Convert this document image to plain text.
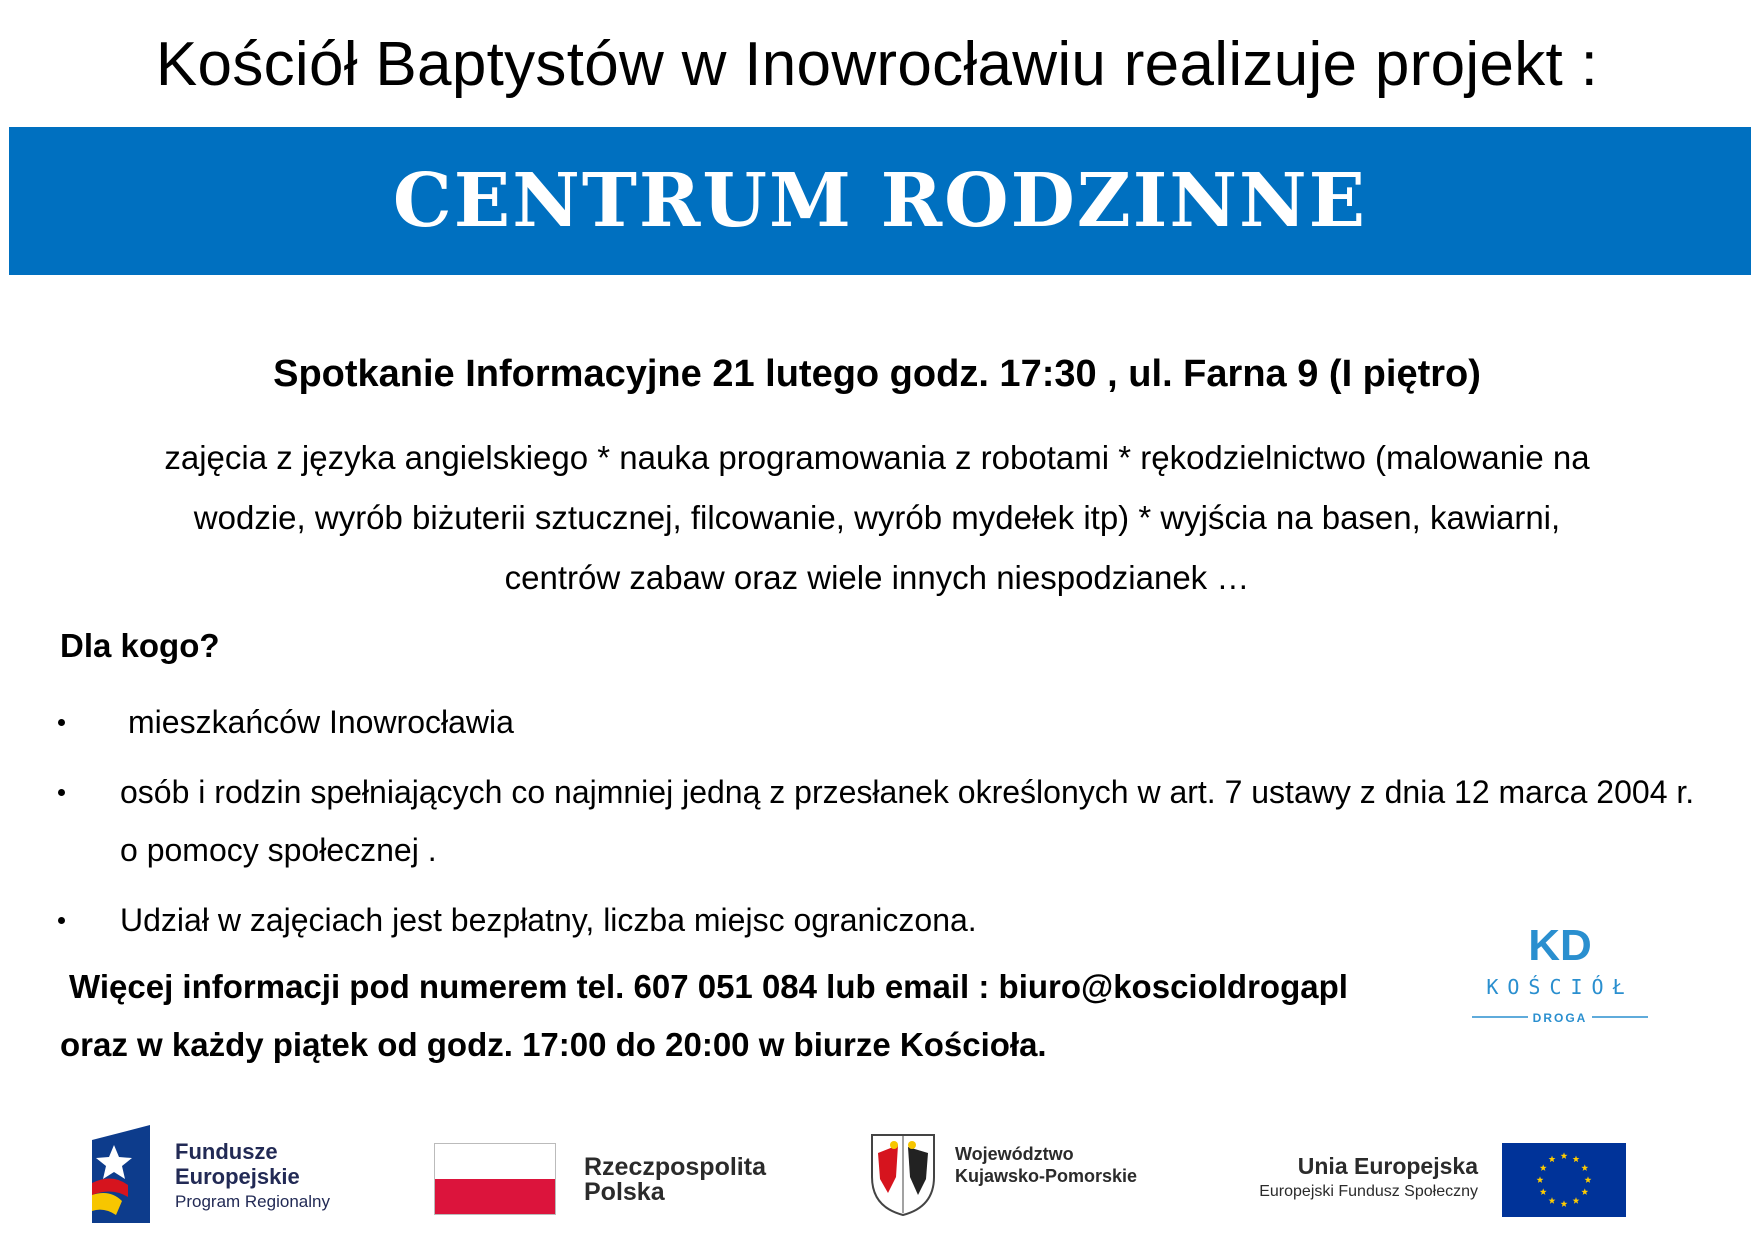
Kościół Baptystów w Inowrocławiu realizuje projekt :
CENTRUM RODZINNE
Spotkanie Informacyjne 21 lutego godz. 17:30 , ul. Farna 9 (I piętro)
zajęcia z języka angielskiego * nauka programowania z robotami * rękodzielnictwo (malowanie na
wodzie, wyrób biżuterii sztucznej, filcowanie, wyrób mydełek itp) * wyjścia na basen, kawiarni,
centrów zabaw oraz wiele innych niespodzianek …
Dla kogo?
mieszkańców Inowrocławia
osób i rodzin spełniających co najmniej jedną z przesłanek określonych w art. 7 ustawy z dnia 12 marca 2004 r. o pomocy społecznej .
Udział w zajęciach jest bezpłatny, liczba miejsc ograniczona.
Więcej informacji pod numerem tel. 607 051 084 lub email : biuro@koscioldrogapl
oraz w każdy piątek od godz. 17:00 do 20:00 w biurze Kościoła.
KD
KOŚCIÓŁ
DROGA
Fundusze
Europejskie
Program Regionalny
Rzeczpospolita
Polska
Województwo
Kujawsko-Pomorskie	Unia Europejska
Europejski Fundusz Społeczny
